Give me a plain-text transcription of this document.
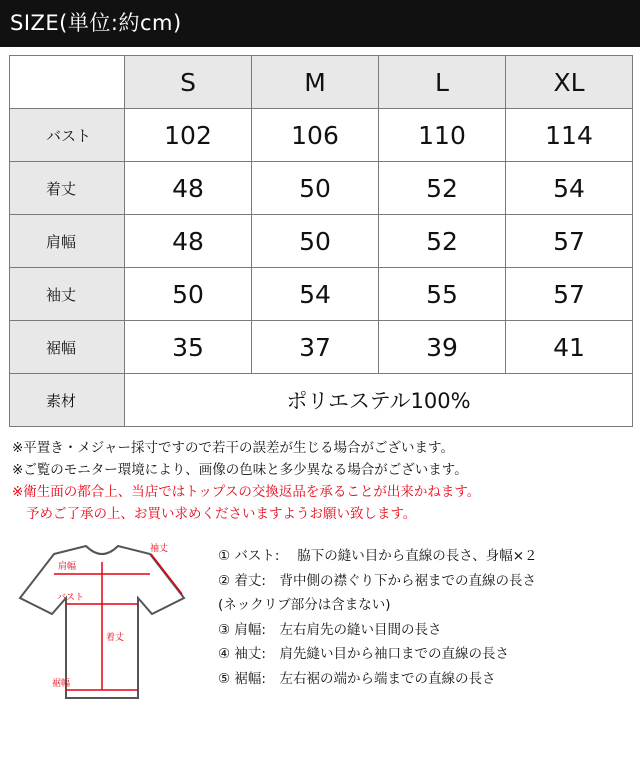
SIZE(単位:約cm)
	S	M	L	XL
バスト	102	106	110	114
着丈	48	50	52	54
肩幅	48	50	52	57
袖丈	50	54	55	57
裾幅	35	37	39	41
素材	ポリエステル100%			
※平置き・メジャー採寸ですので若干の誤差が生じる場合がございます。
※ご覧のモニター環境により、画像の色味と多少異なる場合がございます。
※衛生面の都合上、当店ではトップスの交換返品を承ることが出来かねます。
予めご了承の上、お買い求めくださいますようお願い致します。
袖丈
肩幅
バスト
着丈
裾幅
① バスト:　 脇下の縫い目から直線の長さ、身幅×２
② 着丈:　背中側の襟ぐり下から裾までの直線の長さ
(ネックリブ部分は含まない)
③ 肩幅:　左右肩先の縫い目間の長さ
④ 袖丈:　肩先縫い目から袖口までの直線の長さ
⑤ 裾幅:　左右裾の端から端までの直線の長さ
